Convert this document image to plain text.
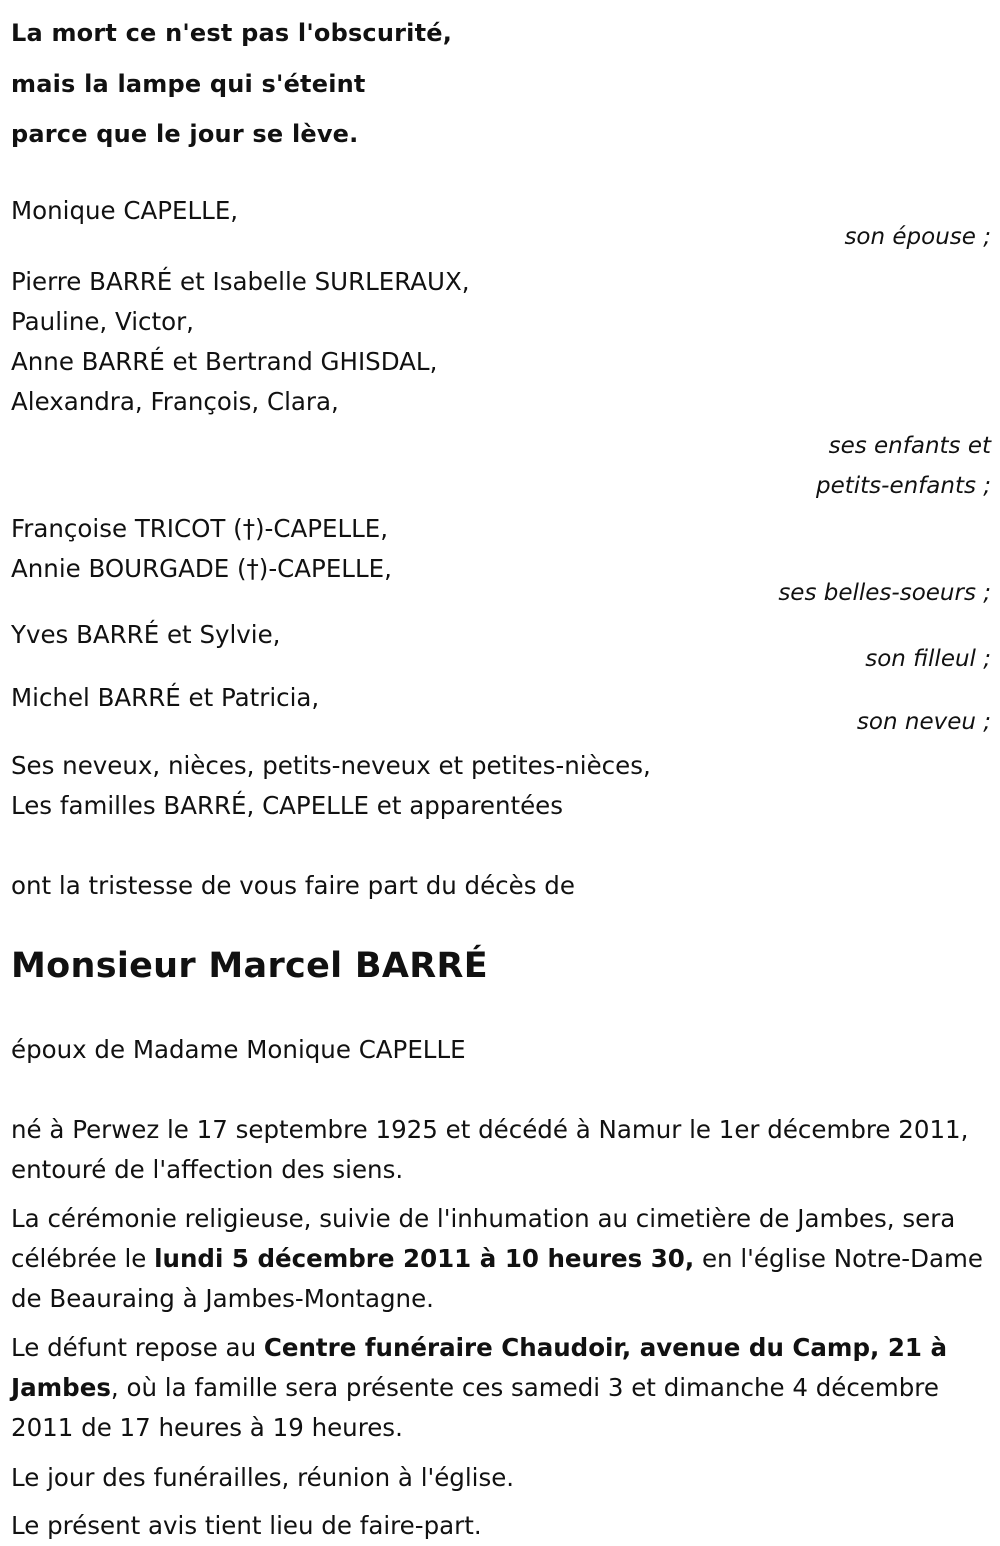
La mort ce n'est pas l'obscurité,
mais la lampe qui s'éteint
parce que le jour se lève.
Monique CAPELLE,
son épouse ;
Pierre BARRÉ et Isabelle SURLERAUX,
Pauline, Victor,
Anne BARRÉ et Bertrand GHISDAL,
Alexandra, François, Clara,
ses enfants et
petits-enfants ;
Françoise TRICOT (†)-CAPELLE,
Annie BOURGADE (†)-CAPELLE,
ses belles-soeurs ;
Yves BARRÉ et Sylvie,
son filleul ;
Michel BARRÉ et Patricia,
son neveu ;
Ses neveux, nièces, petits-neveux et petites-nièces,
Les familles BARRÉ, CAPELLE et apparentées
ont la tristesse de vous faire part du décès de
Monsieur Marcel BARRÉ
époux de Madame Monique CAPELLE
né à Perwez le 17 septembre 1925 et décédé à Namur le 1er décembre 2011, entouré de l'affection des siens.
La cérémonie religieuse, suivie de l'inhumation au cimetière de Jambes, sera célébrée le lundi 5 décembre 2011 à 10 heures 30, en l'église Notre-Dame de Beauraing à Jambes-Montagne.
Le défunt repose au Centre funéraire Chaudoir, avenue du Camp, 21 à Jambes, où la famille sera présente ces samedi 3 et dimanche 4 décembre 2011 de 17 heures à 19 heures.
Le jour des funérailles, réunion à l'église.
Le présent avis tient lieu de faire-part.
